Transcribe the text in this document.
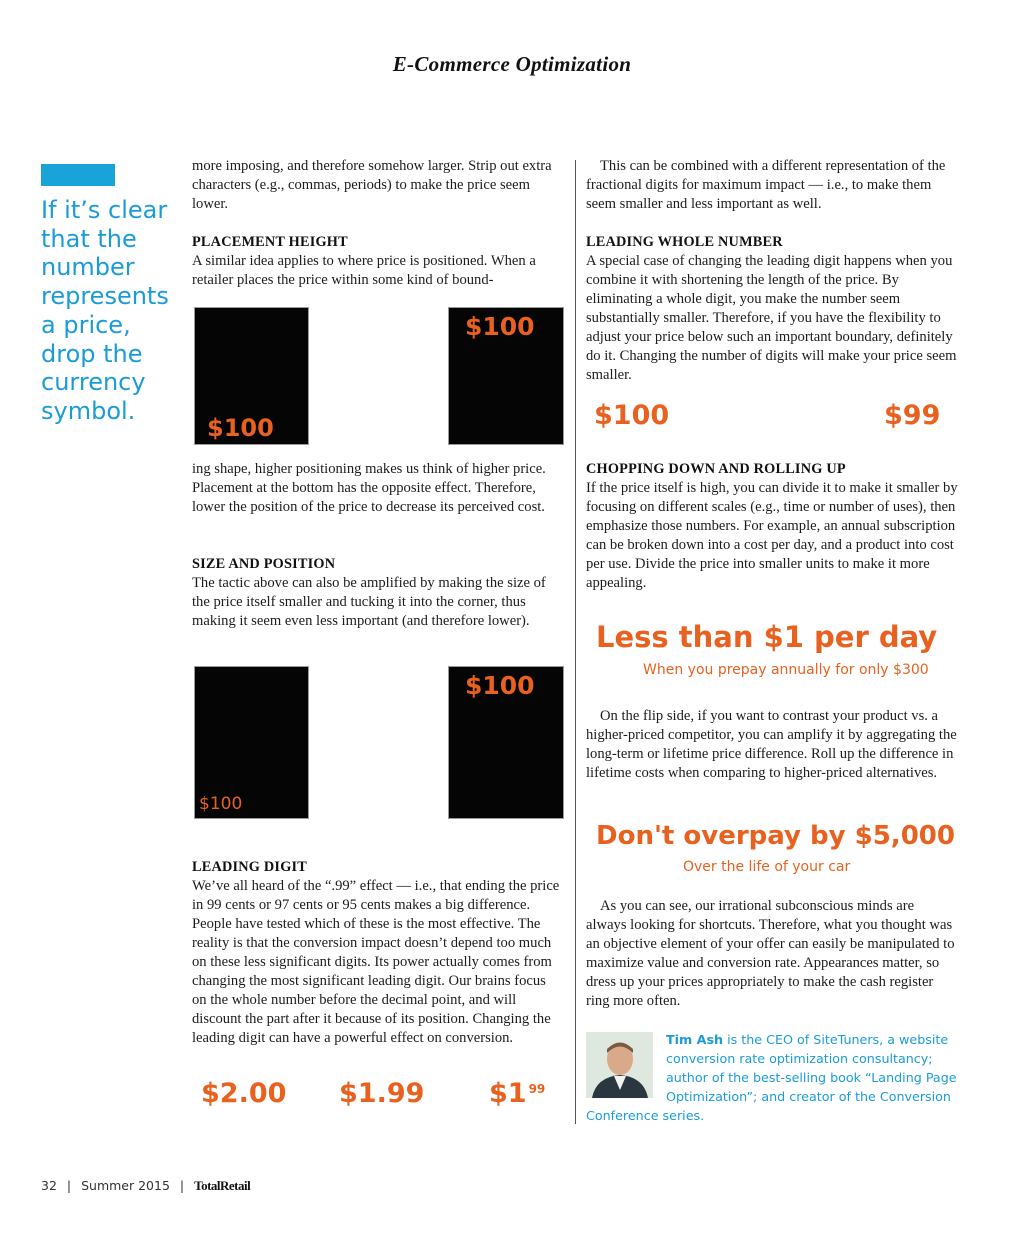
E-Commerce Optimization
If it’s clear that the number represents a price, drop the currency symbol.

more imposing, and therefore somehow larger. Strip out extra characters (e.g., commas, periods) to make the price seem lower.

PLACEMENT HEIGHT

A similar idea applies to where price is positioned. When a retailer places the price within some kind of bound-

$100
$100

ing shape, higher positioning makes us think of higher price. Placement at the bottom has the opposite effect. Therefore, lower the position of the price to decrease its perceived cost.

SIZE AND POSITION

The tactic above can also be amplified by making the size of the price itself smaller and tucking it into the corner, thus making it seem even less important (and therefore lower).

$100
$100
LEADING DIGIT

We’ve all heard of the “.99” effect — i.e., that ending the price in 99 cents or 97 cents or 95 cents makes a big difference. People have tested which of these is the most effective. The reality is that the conversion impact doesn’t depend too much on these less significant digits. Its power actually comes from changing the most significant leading digit. Our brains focus on the whole number before the decimal point, and will discount the part after it because of its position. Changing the leading digit can have a powerful effect on conversion.

$2.00 $1.99 $1 $^{99}$

This can be combined with a different representation of the fractional digits for maximum impact — i.e., to make them seem smaller and less important as well.

LEADING WHOLE NUMBER

A special case of changing the leading digit happens when you combine it with shortening the length of the price. By eliminating a whole digit, you make the number seem substantially smaller. Therefore, if you have the flexibility to adjust your price below such an important boundary, definitely do it. Changing the number of digits will make your price seem smaller.

$100	$99
CHOPPING DOWN AND ROLLING UP

If the price itself is high, you can divide it to make it smaller by focusing on different scales (e.g., time or number of uses), then emphasize those numbers. For example, an annual subscription can be broken down into a cost per day, and a product into cost per use. Divide the price into smaller units to make it more appealing.

Less than $1 per day
When you prepay annually for only $300

On the flip side, if you want to contrast your product vs. a higher-priced competitor, you can amplify it by aggregating the long-term or lifetime price difference. Roll up the difference in lifetime costs when comparing to higher-priced alternatives.

Don't overpay by $5,000
Over the life of your car

As you can see, our irrational subconscious minds are always looking for shortcuts. Therefore, what you thought was an objective element of your offer can easily be manipulated to maximize value and conversion rate. Appearances matter, so dress up your prices appropriately to make the cash register ring more often.

Tim Ash is the CEO of SiteTuners, a website conversion rate optimization consultancy; author of the best-selling book “Landing Page Optimization”; and creator of the Conversion Conference series.
32 | Summer 2015 | TotalRetail
